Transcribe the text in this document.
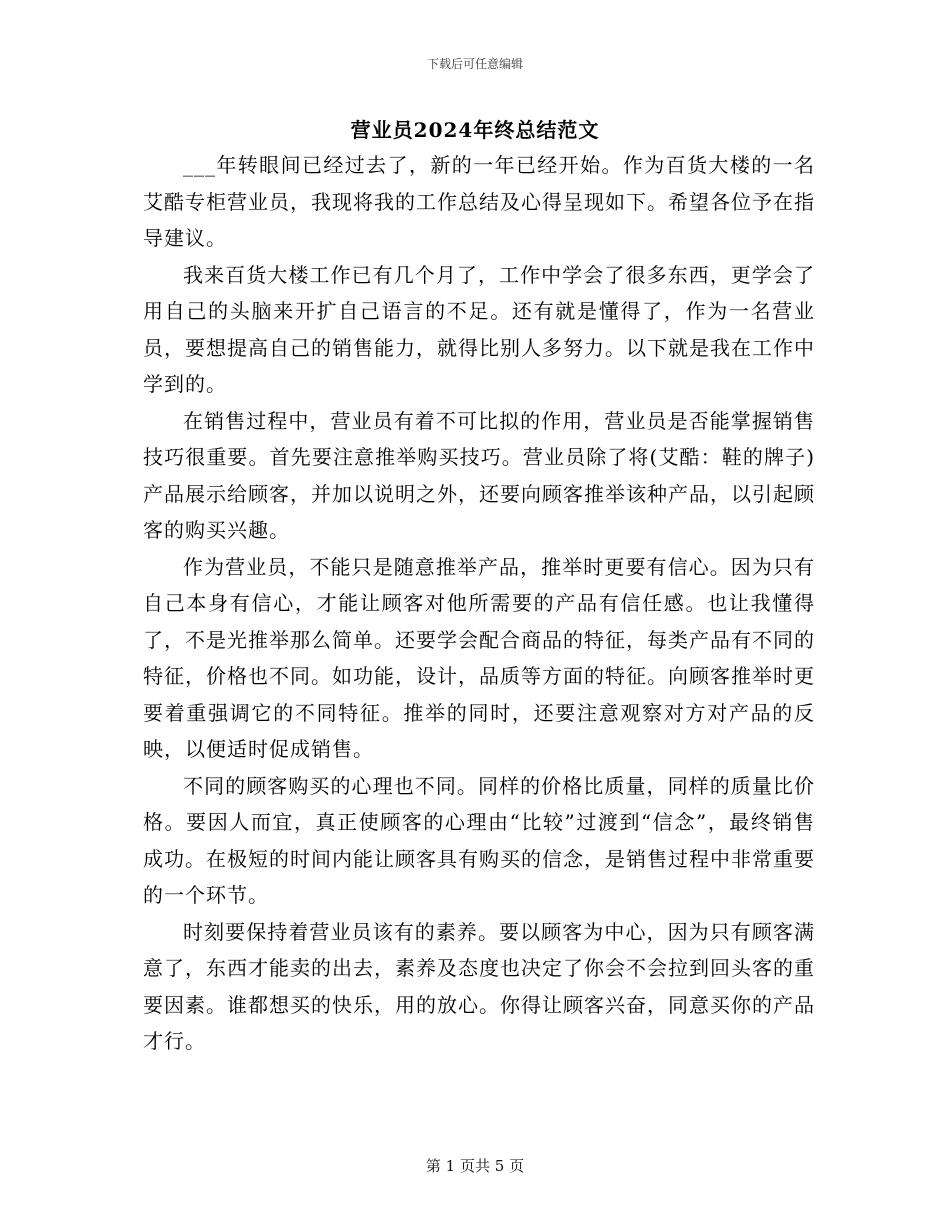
下载后可任意编辑
营业员2024年终总结范文

___年转眼间已经过去了，新的一年已经开始。作为百货大楼的一名艾酷专柜营业员，我现将我的工作总结及心得呈现如下。希望各位予在指导建议。

我来百货大楼工作已有几个月了，工作中学会了很多东西，更学会了用自己的头脑来开扩自己语言的不足。还有就是懂得了，作为一名营业员，要想提高自己的销售能力，就得比别人多努力。以下就是我在工作中学到的。

在销售过程中，营业员有着不可比拟的作用，营业员是否能掌握销售技巧很重要。首先要注意推举购买技巧。营业员除了将(艾酷：鞋的牌子)产品展示给顾客，并加以说明之外，还要向顾客推举该种产品，以引起顾客的购买兴趣。

作为营业员，不能只是随意推举产品，推举时更要有信心。因为只有自己本身有信心，才能让顾客对他所需要的产品有信任感。也让我懂得了，不是光推举那么简单。还要学会配合商品的特征，每类产品有不同的特征，价格也不同。如功能，设计，品质等方面的特征。向顾客推举时更要着重强调它的不同特征。推举的同时，还要注意观察对方对产品的反映，以便适时促成销售。

不同的顾客购买的心理也不同。同样的价格比质量，同样的质量比价格。要因人而宜，真正使顾客的心理由“比较”过渡到“信念”，最终销售成功。在极短的时间内能让顾客具有购买的信念，是销售过程中非常重要的一个环节。

时刻要保持着营业员该有的素养。要以顾客为中心，因为只有顾客满意了，东西才能卖的出去，素养及态度也决定了你会不会拉到回头客的重要因素。谁都想买的快乐，用的放心。你得让顾客兴奋，同意买你的产品才行。

第 1 页共 5 页
